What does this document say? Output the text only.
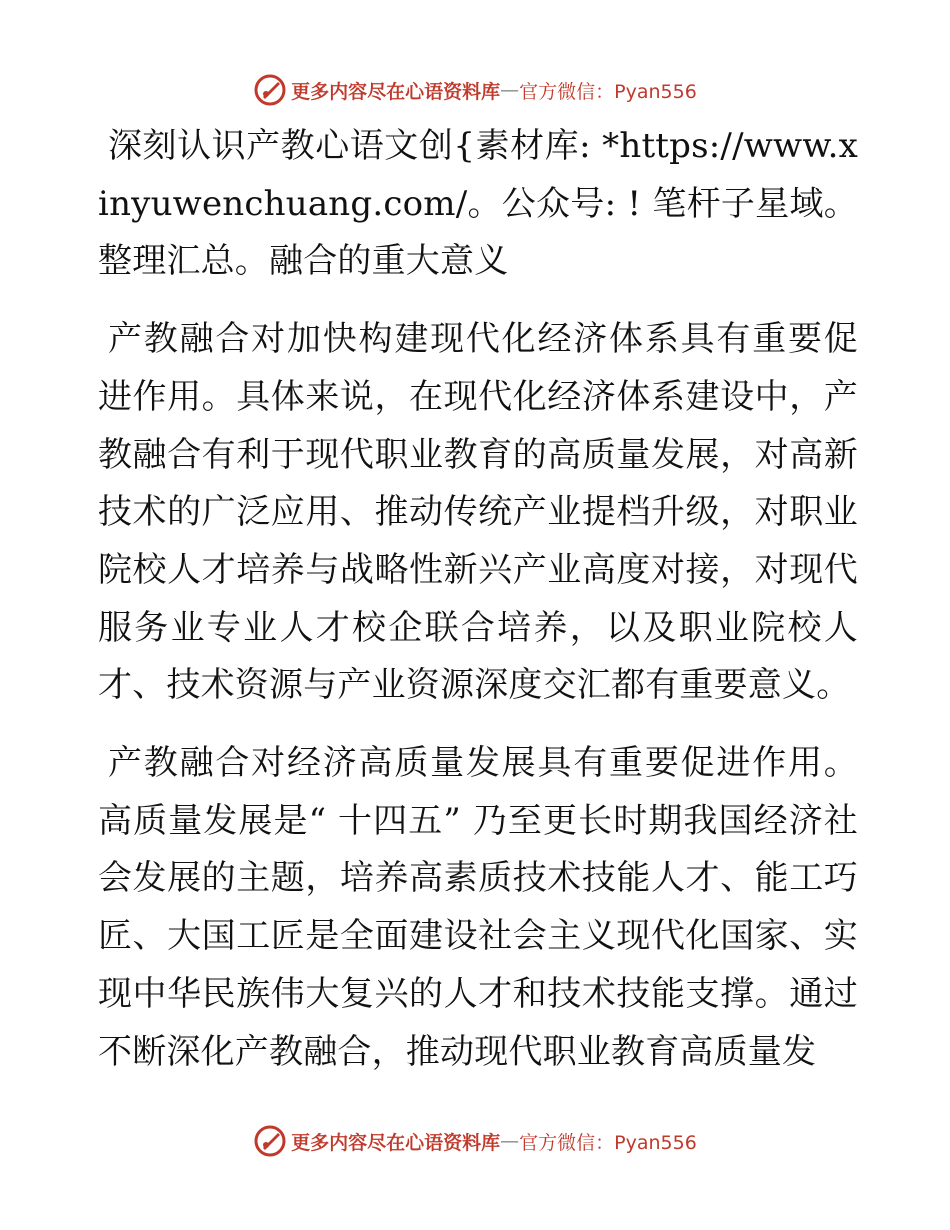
更多内容尽在心语资料库 — 官方微信：Pyan556

深刻认识产教心语文创{素材库: *https://www.xinyuwenchuang.com/。公众号: ! 笔杆子星域。整理汇总。融合的重大意义

产教融合对加快构建现代化经济体系具有重要促进作用。具体来说，在现代化经济体系建设中，产教融合有利于现代职业教育的高质量发展，对高新技术的广泛应用、推动传统产业提档升级，对职业院校人才培养与战略性新兴产业高度对接，对现代服务业专业人才校企联合培养，以及职业院校人才、技术资源与产业资源深度交汇都有重要意义。

产教融合对经济高质量发展具有重要促进作用。高质量发展是“ 十四五” 乃至更长时期我国经济社会发展的主题，培养高素质技术技能人才、能工巧匠、大国工匠是全面建设社会主义现代化国家、实现中华民族伟大复兴的人才和技术技能支撑。通过不断深化产教融合，推动现代职业教育高质量发

更多内容尽在心语资料库 — 官方微信：Pyan556
